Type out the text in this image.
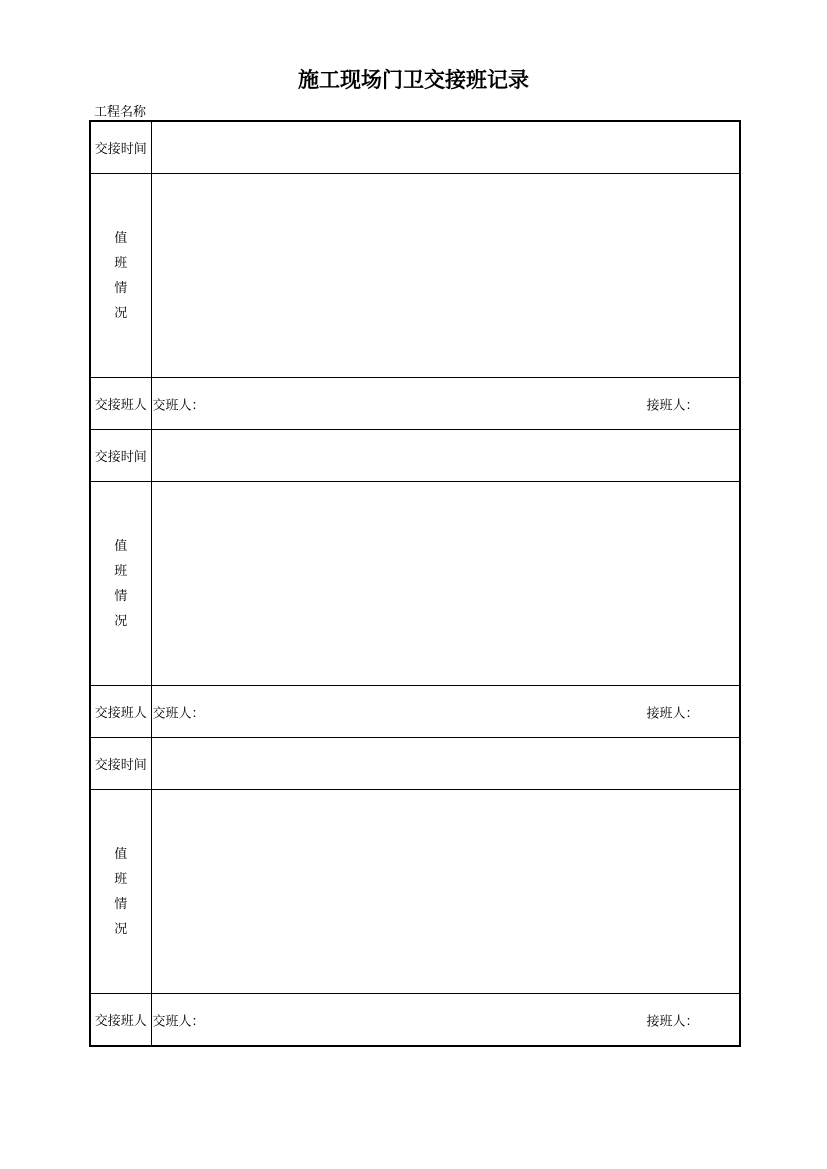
施工现场门卫交接班记录
工程名称
交接时间	

值
班
情
况	

交接班人	交班人： 接班人：

交接时间	

值
班
情
况	

交接班人	交班人： 接班人：

交接时间	

值
班
情
况	

交接班人	交班人： 接班人：
